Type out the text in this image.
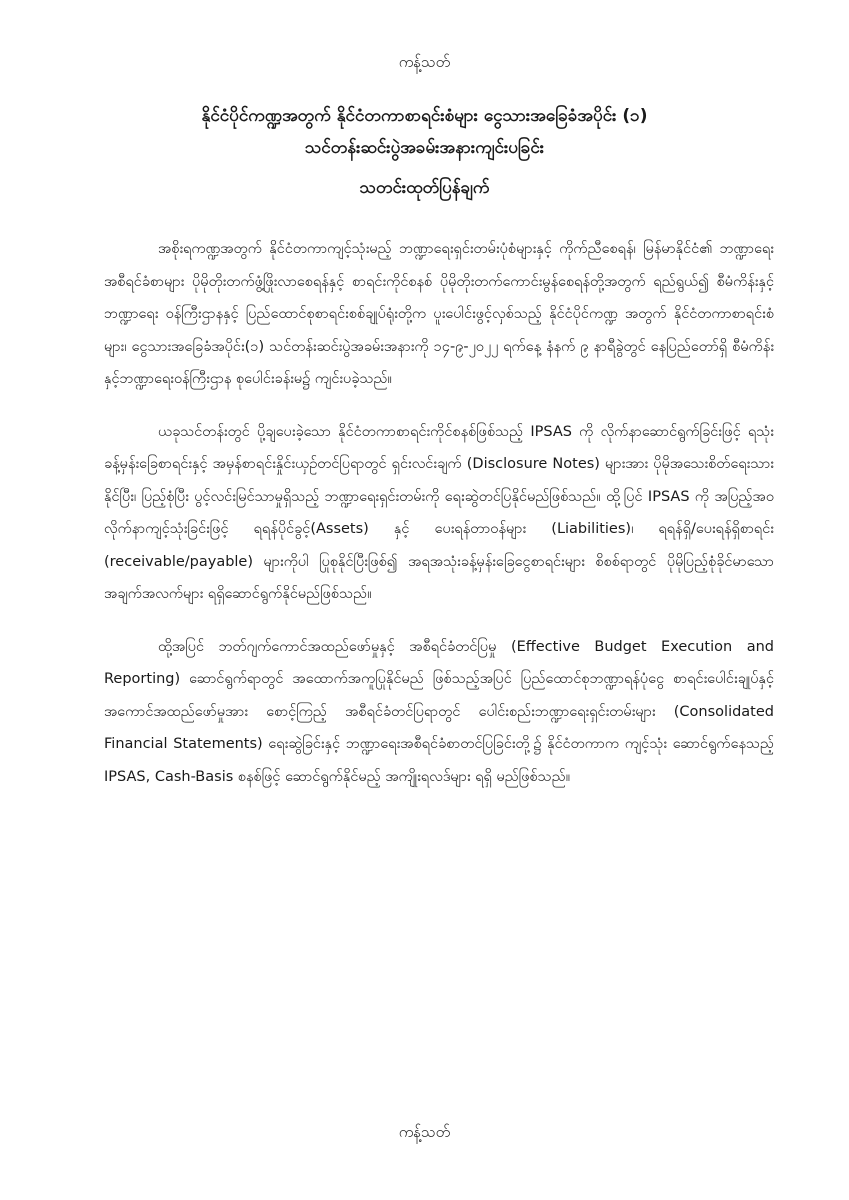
ကန့်သတ်
နိုင်ငံပိုင်ကဏ္ဍအတွက် နိုင်ငံတကာစာရင်းစံများ ငွေသားအခြေခံအပိုင်း (၁)
သင်တန်းဆင်းပွဲအခမ်းအနားကျင်းပခြင်း
သတင်းထုတ်ပြန်ချက်

အစိုးရကဏ္ဍအတွက် နိုင်ငံတကာကျင့်သုံးမည့် ဘဏ္ဍာရေးရှင်းတမ်းပုံစံများနှင့် ကိုက်ညီစေရန်၊ မြန်မာနိုင်ငံ၏ ဘဏ္ဍာရေးအစီရင်ခံစာများ ပိုမိုတိုးတက်ဖွံ့ဖြိုးလာစေရန်နှင့် စာရင်းကိုင်စနစ် ပိုမိုတိုးတက်ကောင်းမွန်စေရန်တို့အတွက် ရည်ရွယ်၍ စီမံကိန်းနှင့်ဘဏ္ဍာရေး ဝန်ကြီးဌာနနှင့် ပြည်ထောင်စုစာရင်းစစ်ချုပ်ရုံးတို့က ပူးပေါင်းဖွင့်လှစ်သည့် နိုင်ငံပိုင်ကဏ္ဍ အတွက် နိုင်ငံတကာစာရင်းစံများ၊ ငွေသားအခြေခံအပိုင်း(၁) သင်တန်းဆင်းပွဲအခမ်းအနားကို ၁၄-၉-၂၀၂၂ ရက်နေ့ နံနက် ၉ နာရီခွဲတွင် နေပြည်တော်ရှိ စီမံကိန်းနှင့်ဘဏ္ဍာရေးဝန်ကြီးဌာန စုပေါင်းခန်းမ၌ ကျင်းပခဲ့သည်။

ယခုသင်တန်းတွင် ပို့ချပေးခဲ့သော နိုင်ငံတကာစာရင်းကိုင်စနစ်ဖြစ်သည့် IPSAS ကို လိုက်နာဆောင်ရွက်ခြင်းဖြင့် ရသုံးခန့်မှန်းခြေစာရင်းနှင့် အမှန်စာရင်းနှိုင်းယှဉ်တင်ပြရာတွင် ရှင်းလင်းချက် (Disclosure Notes) များအား ပိုမိုအသေးစိတ်ရေးသားနိုင်ပြီး၊ ပြည့်စုံပြီး ပွင့်လင်းမြင်သာမှုရှိသည့် ဘဏ္ဍာရေးရှင်းတမ်းကို ရေးဆွဲတင်ပြနိုင်မည်ဖြစ်သည်။ ထို့ပြင် IPSAS ကို အပြည့်အဝ လိုက်နာကျင့်သုံးခြင်းဖြင့် ရရန်ပိုင်ခွင့်(Assets) နှင့် ပေးရန်တာဝန်များ (Liabilities)၊ ရရန်ရှိ/ပေးရန်ရှိစာရင်း (receivable/payable) များကိုပါ ပြုစုနိုင်ပြီးဖြစ်၍ အရအသုံးခန့်မှန်းခြေငွေစာရင်းများ စိစစ်ရာတွင် ပိုမိုပြည့်စုံခိုင်မာသော အချက်အလက်များ ရရှိဆောင်ရွက်နိုင်မည်ဖြစ်သည်။

ထို့အပြင် ဘတ်ဂျက်ကောင်အထည်ဖော်မှုနှင့် အစီရင်ခံတင်ပြမှု (Effective Budget Execution and Reporting) ဆောင်ရွက်ရာတွင် အထောက်အကူပြုနိုင်မည် ဖြစ်သည့်အပြင် ပြည်ထောင်စုဘဏ္ဍာရန်ပုံငွေ စာရင်းပေါင်းချုပ်နှင့် အကောင်အထည်ဖော်မှုအား စောင့်ကြည့် အစီရင်ခံတင်ပြရာတွင် ပေါင်းစည်းဘဏ္ဍာရေးရှင်းတမ်းများ (Consolidated Financial Statements) ရေးဆွဲခြင်းနှင့် ဘဏ္ဍာရေးအစီရင်ခံစာတင်ပြခြင်းတို့၌ နိုင်ငံတကာက ကျင့်သုံး ဆောင်ရွက်နေသည့် IPSAS, Cash-Basis စနစ်ဖြင့် ဆောင်ရွက်နိုင်မည့် အကျိုးရလဒ်များ ရရှိ မည်ဖြစ်သည်။

ကန့်သတ်
